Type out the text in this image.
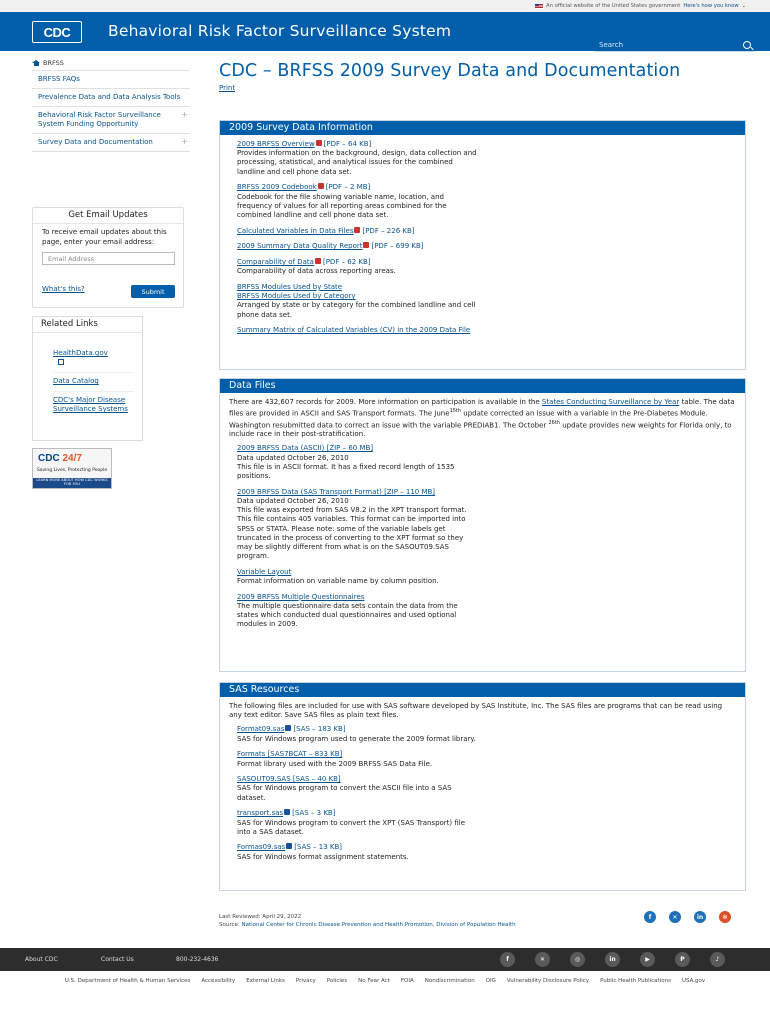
An official website of the United States government Here's how you know ⌄
CDC Behavioral Risk Factor Surveillance System
Search
BRFSS
BRFSS FAQs
Prevalence Data and Data Analysis Tools
Behavioral Risk Factor Surveillance System Funding Opportunity
+
Survey Data and Documentation	+
Get Email Updates

To receive email updates about this page, enter your email address:

Email Address
What's this?	Submit
Related Links
HealthData.gov

Data Catalog
CDC's Major Disease Surveillance Systems
CDC 24/7
Saving Lives, Protecting People
LEARN MORE ABOUT HOW CDC WORKS FOR YOU
CDC – BRFSS 2009 Survey Data and Documentation
Print
2009 Survey Data Information
2009 BRFSS Overview [PDF – 64 KB]
Provides information on the background, design, data collection and processing, statistical, and analytical issues for the combined landline and cell phone data set.
BRFSS 2009 Codebook [PDF – 2 MB]
Codebook for the file showing variable name, location, and frequency of values for all reporting areas combined for the combined landline and cell phone data set.
Calculated Variables in Data Files [PDF – 226 KB]
2009 Summary Data Quality Report [PDF – 699 KB]
Comparability of Data [PDF – 62 KB]
Comparability of data across reporting areas.
BRFSS Modules Used by State
BRFSS Modules Used by Category
Arranged by state or by category for the combined landline and cell phone data set.
Summary Matrix of Calculated Variables (CV) in the 2009 Data File
Data Files
There are 432,607 records for 2009. More information on participation is available in the States Conducting Surveillance by Year table. The data files are provided in ASCII and SAS Transport formats. The June$^{15th}$ update corrected an issue with a variable in the Pre-Diabetes Module. Washington resubmitted data to correct an issue with the variable PREDIAB1. The October $^{26th}$ update provides new weights for Florida only, to include race in their post-stratification.
2009 BRFSS Data (ASCII) [ZIP – 60 MB]
Data updated October 26, 2010
This file is in ASCII format. It has a fixed record length of 1535 positions.
2009 BRFSS Data (SAS Transport Format) [ZIP – 110 MB]
Data updated October 26, 2010
This file was exported from SAS V8.2 in the XPT transport format. This file contains 405 variables. This format can be imported into SPSS or STATA. Please note: some of the variable labels get truncated in the process of converting to the XPT format so they may be slightly different from what is on the SASOUT09.SAS program.
Variable Layout
Format information on variable name by column position.
2009 BRFSS Multiple Questionnaires
The multiple questionnaire data sets contain the data from the states which conducted dual questionnaires and used optional modules in 2009.
SAS Resources
The following files are included for use with SAS software developed by SAS Institute, Inc. The SAS files are programs that can be read using any text editor. Save SAS files as plain text files.
Format09.sas [SAS – 183 KB]
SAS for Windows program used to generate the 2009 format library.
Formats [SAS7BCAT – 833 KB]
Format library used with the 2009 BRFSS SAS Data File.
SASOUT09.SAS [SAS – 40 KB]
SAS for Windows program to convert the ASCII file into a SAS dataset.
transport.sas [SAS – 3 KB]
SAS for Windows program to convert the XPT (SAS Transport) file into a SAS dataset.
Formas09.sas [SAS – 13 KB]
SAS for Windows format assignment statements.
Last Reviewed: April 29, 2022
Source: National Center for Chronic Disease Prevention and Health Promotion, Division of Population Health
f	✕	in	✻
About CDC	Contact Us	800-232-4636	f	✕	◎	in	▶	P	♪
U.S. Department of Health & Human Services Accessibility External Links Privacy Policies No Fear Act FOIA Nondiscrimination OIG Vulnerability Disclosure Policy Public Health Publications USA.gov
